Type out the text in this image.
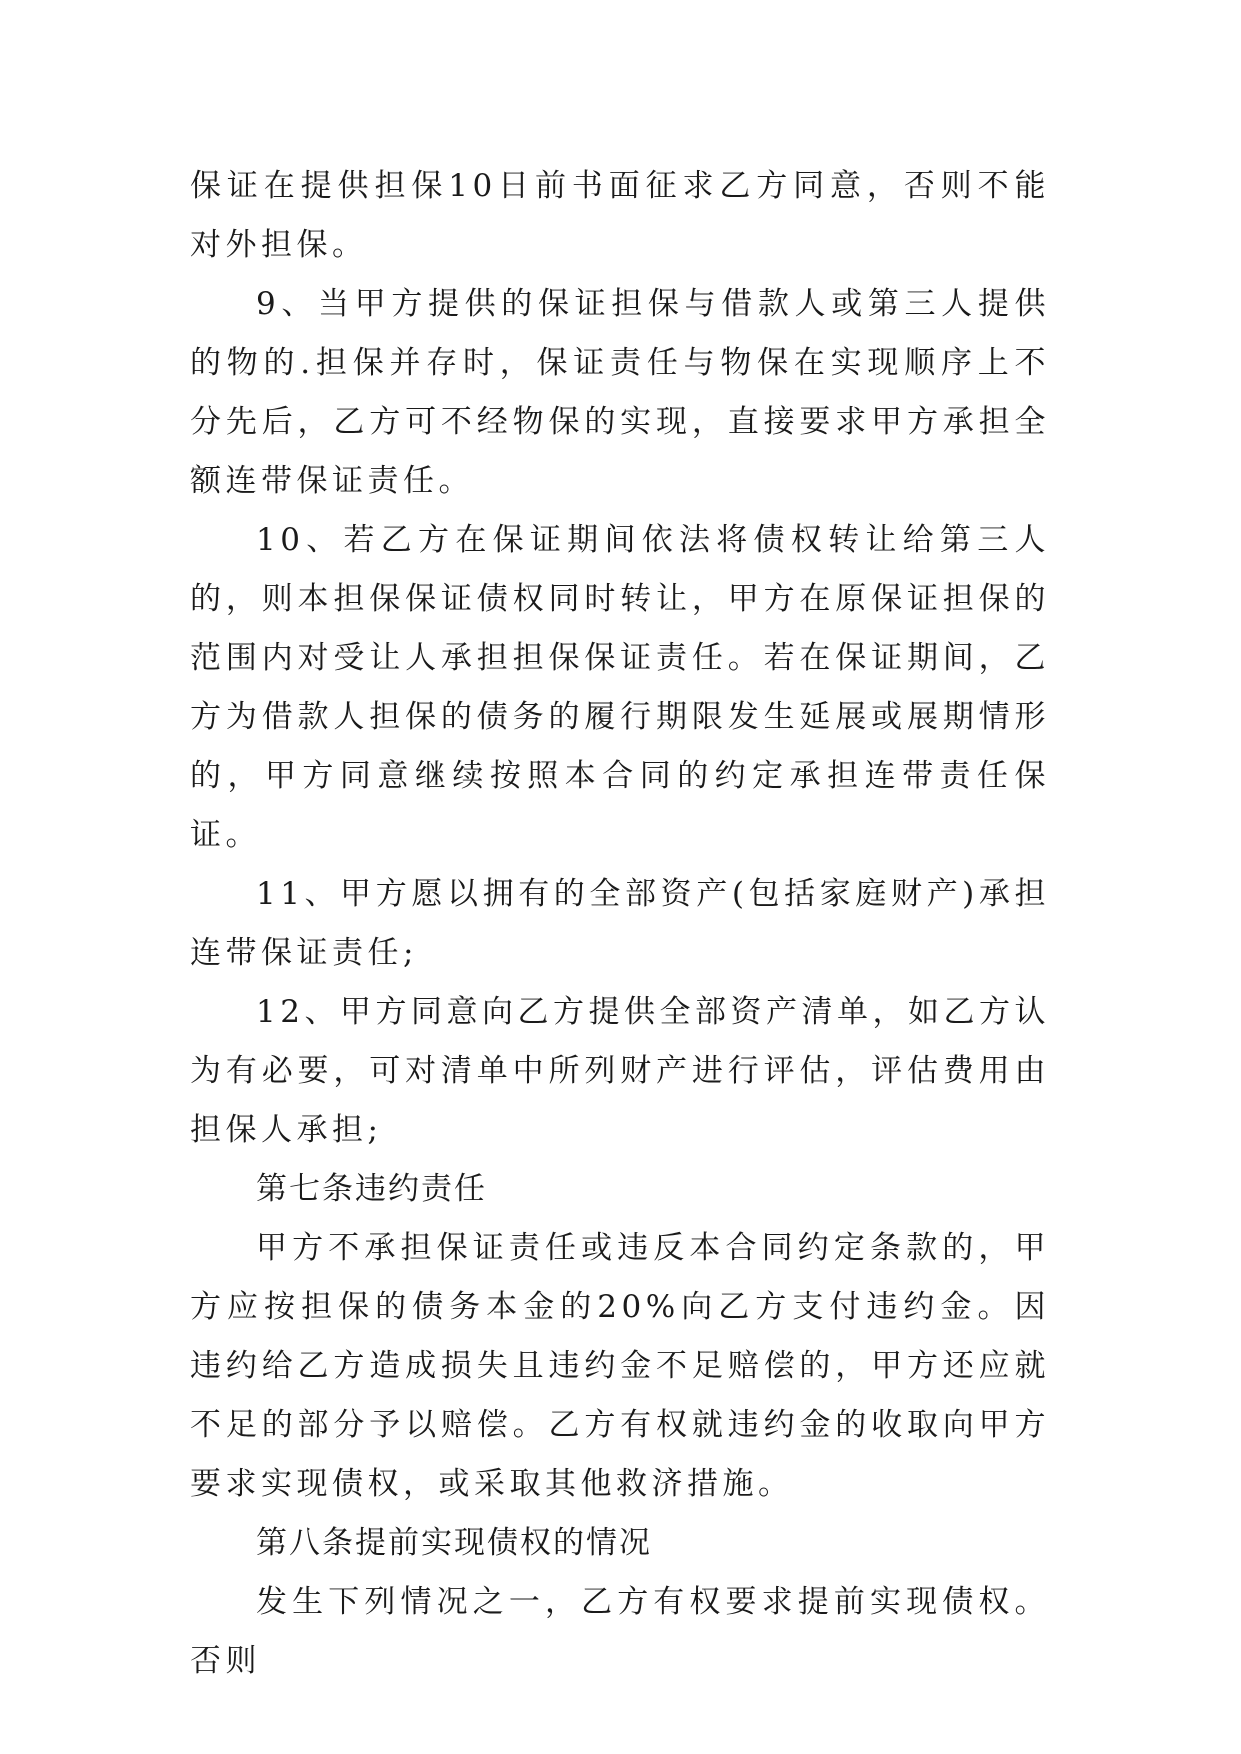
保证在提供担保10日前书面征求乙方同意，否则不能对外担保。

9、当甲方提供的保证担保与借款人或第三人提供的物的.担保并存时，保证责任与物保在实现顺序上不分先后，乙方可不经物保的实现，直接要求甲方承担全额连带保证责任。

10、若乙方在保证期间依法将债权转让给第三人的，则本担保保证债权同时转让，甲方在原保证担保的范围内对受让人承担担保保证责任。若在保证期间，乙方为借款人担保的债务的履行期限发生延展或展期情形的，甲方同意继续按照本合同的约定承担连带责任保证。

11、甲方愿以拥有的全部资产(包括家庭财产)承担连带保证责任;

12、甲方同意向乙方提供全部资产清单，如乙方认为有必要，可对清单中所列财产进行评估，评估费用由担保人承担;

第七条违约责任

甲方不承担保证责任或违反本合同约定条款的，甲方应按担保的债务本金的20%向乙方支付违约金。因违约给乙方造成损失且违约金不足赔偿的，甲方还应就不足的部分予以赔偿。乙方有权就违约金的收取向甲方要求实现债权，或采取其他救济措施。

第八条提前实现债权的情况

发生下列情况之一，乙方有权要求提前实现债权。否则
